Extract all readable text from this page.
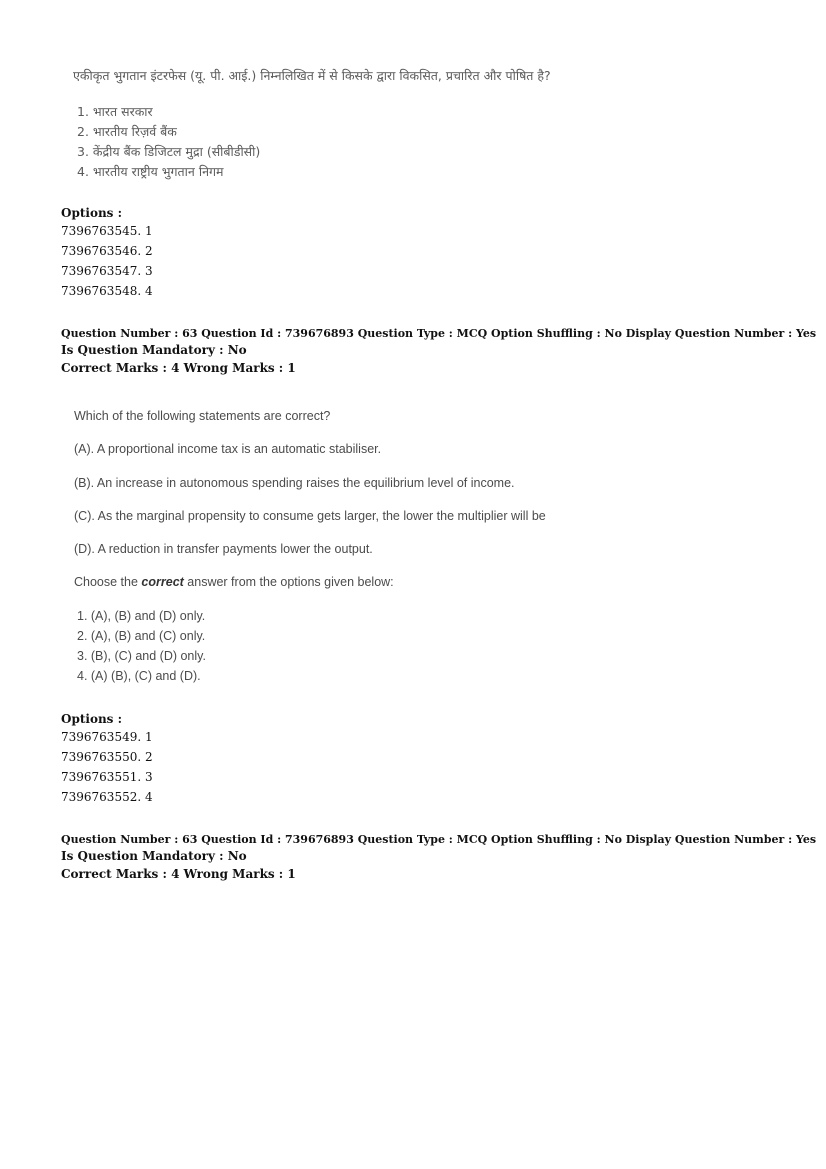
एकीकृत भुगतान इंटरफेस (यू. पी. आई.) निम्नलिखित में से किसके द्वारा विकसित, प्रचारित और पोषित है?
1. भारत सरकार
2. भारतीय रिज़र्व बैंक
3. केंद्रीय बैंक डिजिटल मुद्रा (सीबीडीसी)
4. भारतीय राष्ट्रीय भुगतान निगम
Options :
7396763545. 1
7396763546. 2
7396763547. 3
7396763548. 4
Question Number : 63 Question Id : 739676893 Question Type : MCQ Option Shuffling : No Display Question Number : Yes
Is Question Mandatory : No
Correct Marks : 4 Wrong Marks : 1
Which of the following statements are correct?
(A). A proportional income tax is an automatic stabiliser.
(B). An increase in autonomous spending raises the equilibrium level of income.
(C). As the marginal propensity to consume gets larger, the lower the multiplier will be
(D). A reduction in transfer payments lower the output.
Choose the correct answer from the options given below:
1. (A), (B) and (D) only.
2. (A), (B) and (C) only.
3. (B), (C) and (D) only.
4. (A) (B), (C) and (D).
Options :
7396763549. 1
7396763550. 2
7396763551. 3
7396763552. 4
Question Number : 63 Question Id : 739676893 Question Type : MCQ Option Shuffling : No Display Question Number : Yes
Is Question Mandatory : No
Correct Marks : 4 Wrong Marks : 1
